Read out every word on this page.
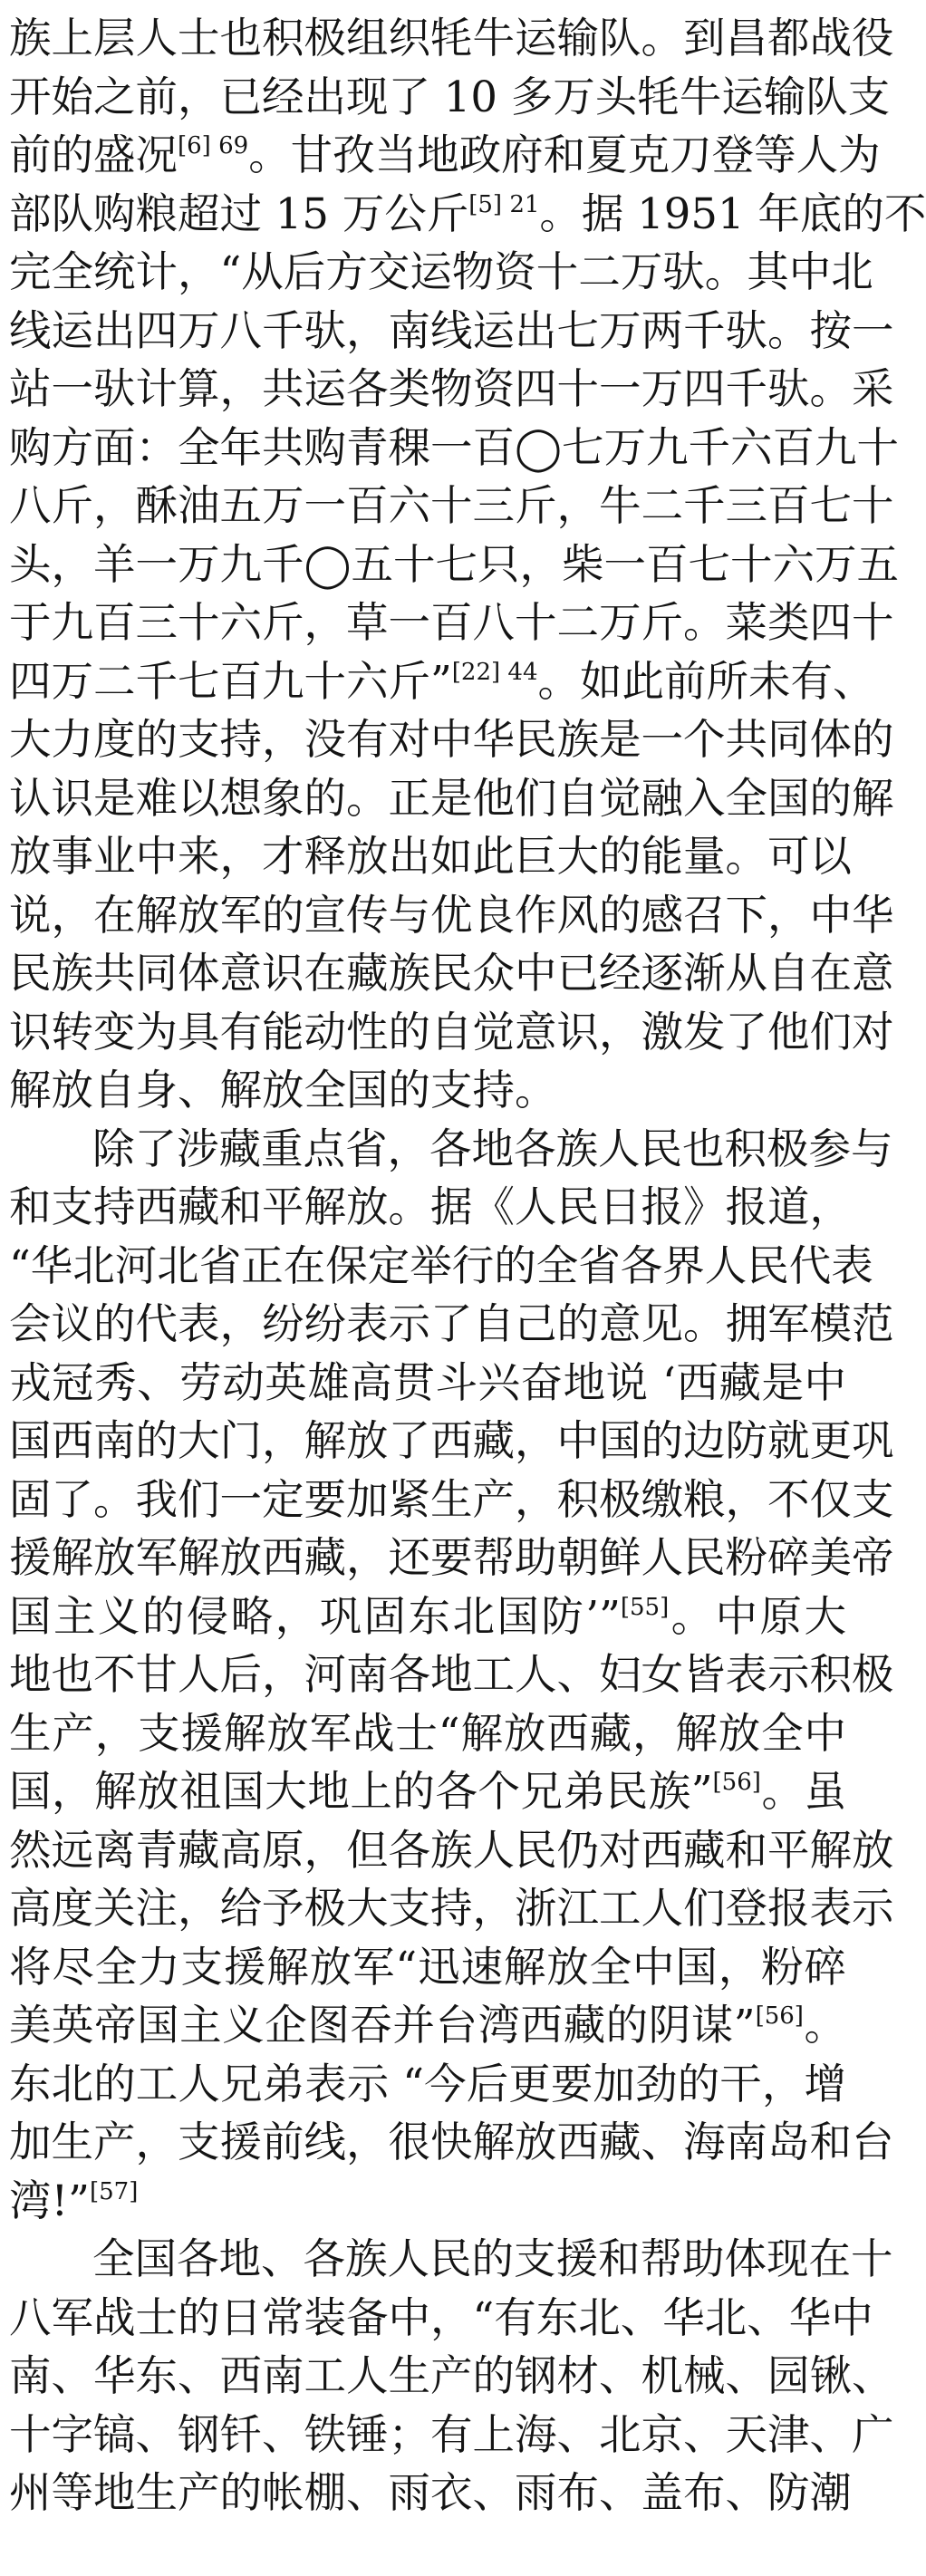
族上层人士也积极组织牦牛运输队。到昌都战役
开始之前，已经出现了 10 多万头牦牛运输队支
前的盛况$^{[6] 69}$。甘孜当地政府和夏克刀登等人为
部队购粮超过 15 万公斤$^{[5] 21}$。据 1951 年底的不
完全统计，“从后方交运物资十二万驮。其中北
线运出四万八千驮，南线运出七万两千驮。按一
站一驮计算，共运各类物资四十一万四千驮。采
购方面：全年共购青稞一百◯七万九千六百九十
八斤，酥油五万一百六十三斤，牛二千三百七十
头，羊一万九千◯五十七只，柴一百七十六万五
于九百三十六斤，草一百八十二万斤。菜类四十
四万二千七百九十六斤”$^{[22] 44}$。如此前所未有、
大力度的支持，没有对中华民族是一个共同体的
认识是难以想象的。正是他们自觉融入全国的解
放事业中来，才释放出如此巨大的能量。可以
说，在解放军的宣传与优良作风的感召下，中华
民族共同体意识在藏族民众中已经逐渐从自在意
识转变为具有能动性的自觉意识，激发了他们对
解放自身、解放全国的支持。
除了涉藏重点省，各地各族人民也积极参与
和支持西藏和平解放。据《人民日报》报道，
“华北河北省正在保定举行的全省各界人民代表
会议的代表，纷纷表示了自己的意见。拥军模范
戎冠秀、劳动英雄高贯斗兴奋地说 ‘西藏是中
国西南的大门，解放了西藏，中国的边防就更巩
固了。我们一定要加紧生产，积极缴粮，不仅支
援解放军解放西藏，还要帮助朝鲜人民粉碎美帝
国主义的侵略，巩固东北国防’”[55]。中原大
地也不甘人后，河南各地工人、妇女皆表示积极
生产，支援解放军战士“解放西藏，解放全中
国，解放祖国大地上的各个兄弟民族”[56]。虽
然远离青藏高原，但各族人民仍对西藏和平解放
高度关注，给予极大支持，浙江工人们登报表示
将尽全力支援解放军“迅速解放全中国，粉碎
美英帝国主义企图吞并台湾西藏的阴谋”[56]。
东北的工人兄弟表示 “今后更要加劲的干，增
加生产，支援前线，很快解放西藏、海南岛和台
湾!”[57]
全国各地、各族人民的支援和帮助体现在十
八军战士的日常装备中，“有东北、华北、华中
南、华东、西南工人生产的钢材、机械、园锹、
十字镐、钢钎、铁锤；有上海、北京、天津、广
州等地生产的帐棚、雨衣、雨布、盖布、防潮
